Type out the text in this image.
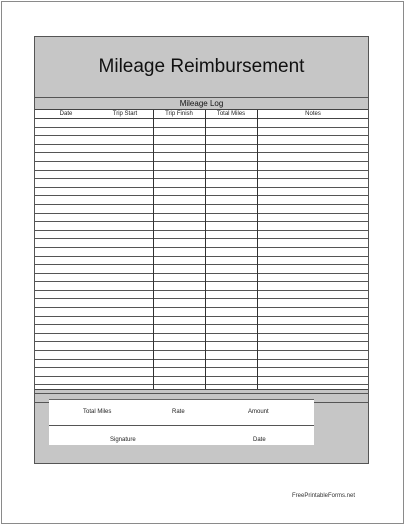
Mileage Reimbursement
Mileage Log
Date	Trip Start	Trip Finish	Total Miles	Notes
Total Miles	Rate	Amount
Signature	Date
FreePrintableForms.net
